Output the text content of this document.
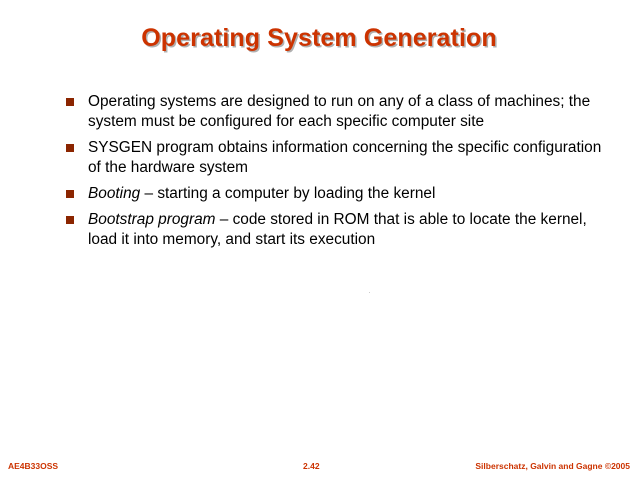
Operating System Generation
Operating systems are designed to run on any of a class of machines; the system must be configured for each specific computer site
SYSGEN program obtains information concerning the specific configuration of the hardware system
Booting – starting a computer by loading the kernel
Bootstrap program – code stored in ROM that is able to locate the kernel, load it into memory, and start its execution
AE4B33OSS	2.42	Silberschatz, Galvin and Gagne ©2005
